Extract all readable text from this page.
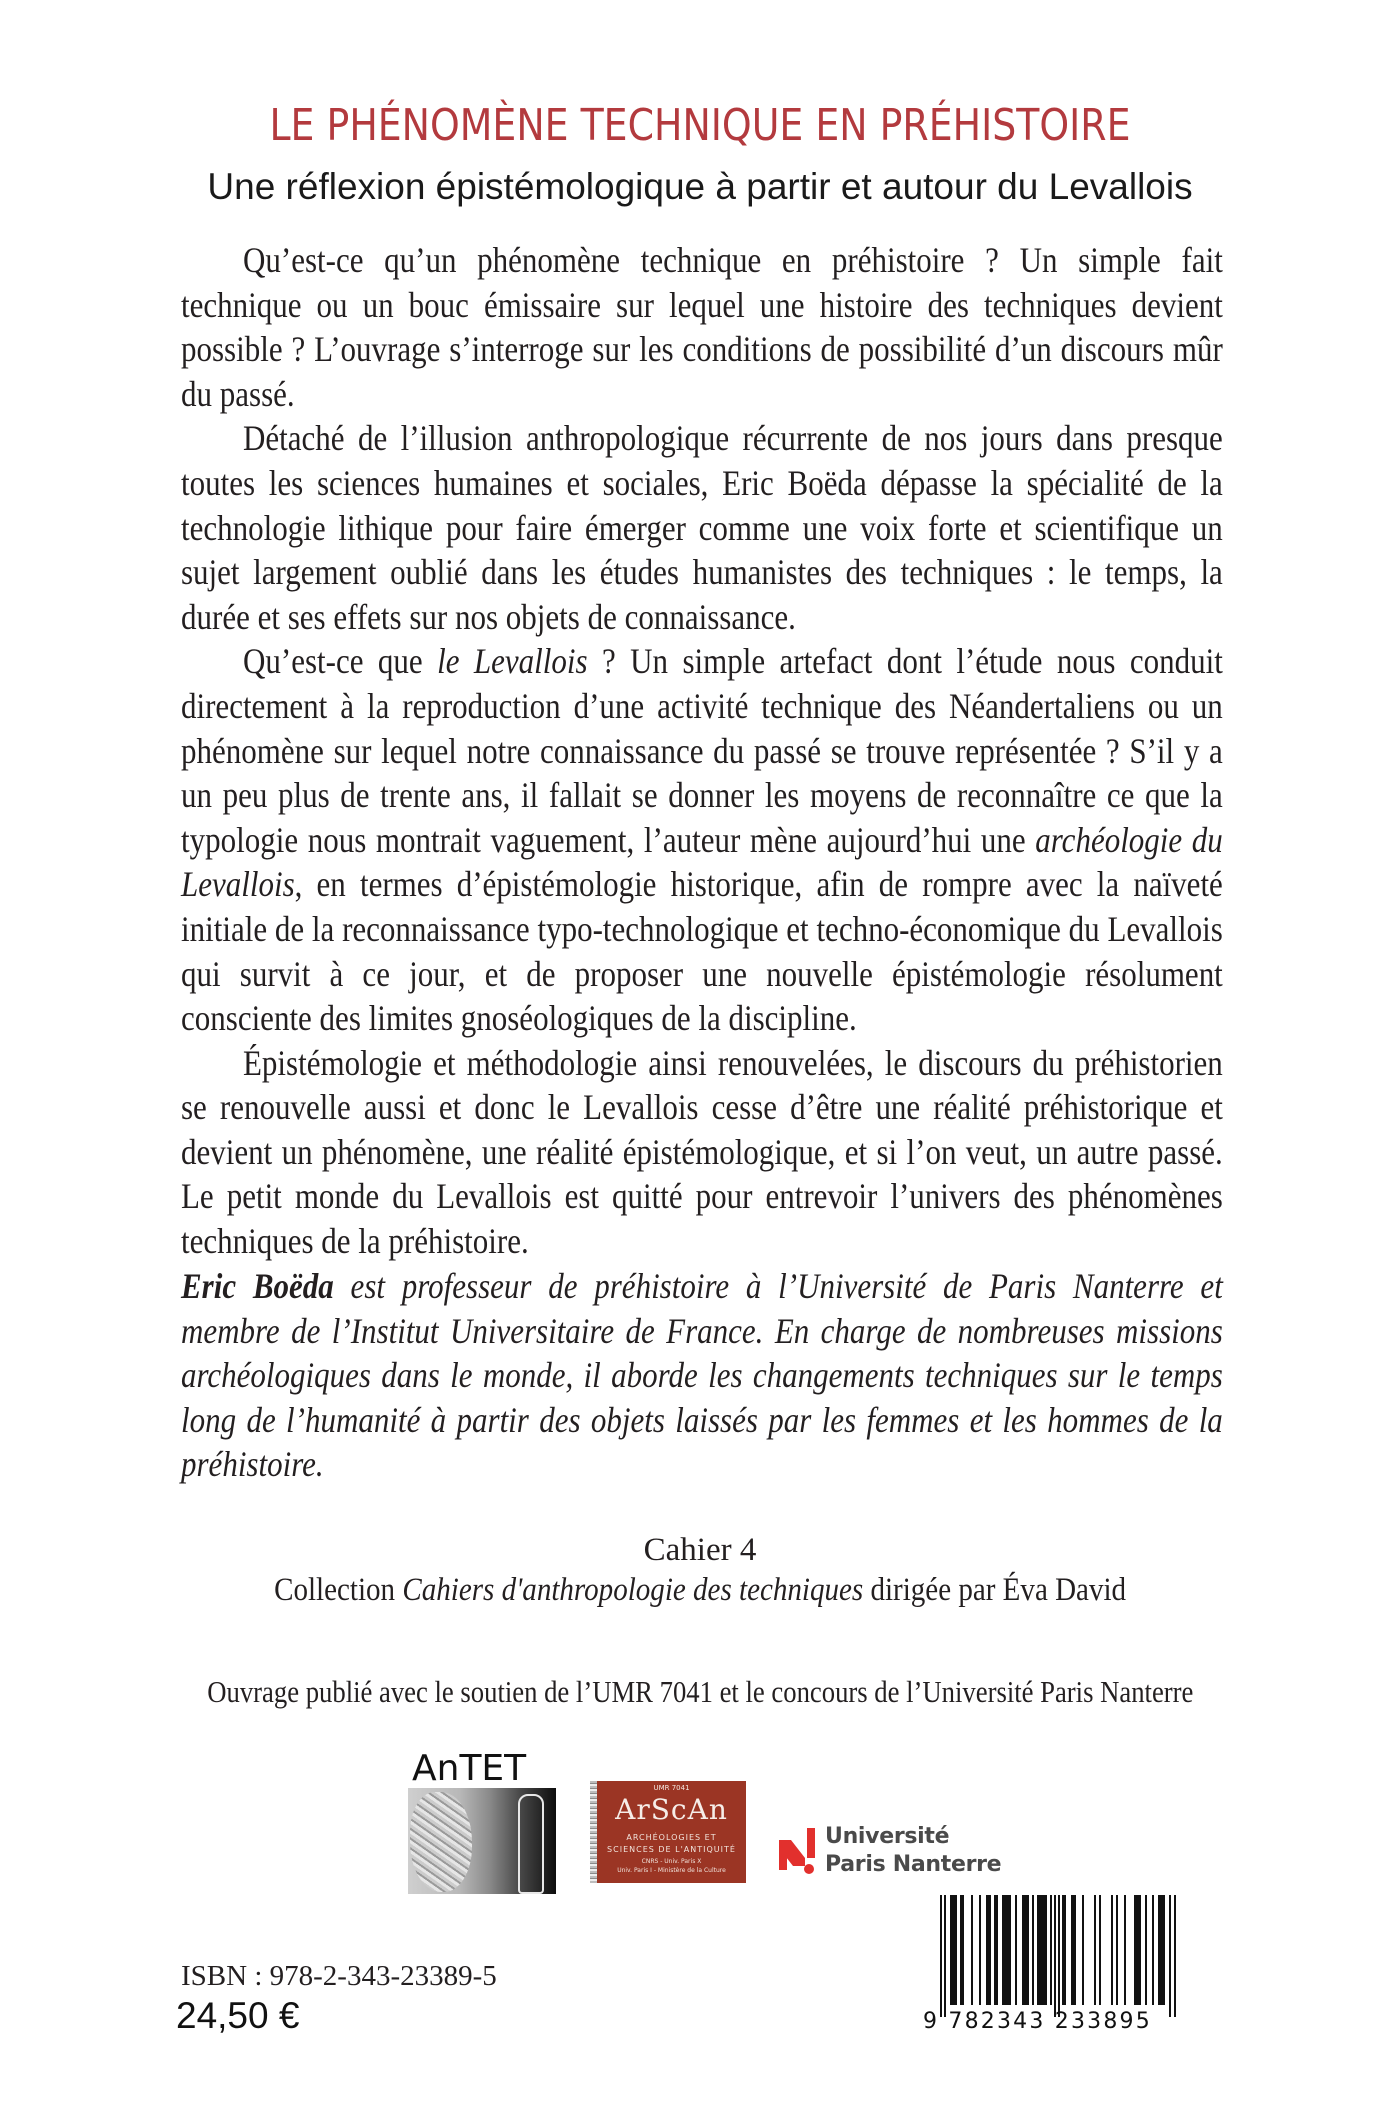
LE PHÉNOMÈNE TECHNIQUE EN PRÉHISTOIRE
Une réflexion épistémologique à partir et autour du Levallois

Qu’est-ce qu’un phénomène technique en préhistoire ? Un simple fait technique ou un bouc émissaire sur lequel une histoire des techniques devient possible ? L’ouvrage s’interroge sur les conditions de possibilité d’un discours mûr du passé.

Détaché de l’illusion anthropologique récurrente de nos jours dans presque toutes les sciences humaines et sociales, Eric Boëda dépasse la spécialité de la technologie lithique pour faire émerger comme une voix forte et scientifique un sujet largement oublié dans les études humanistes des techniques : le temps, la durée et ses effets sur nos objets de connaissance.

Qu’est-ce que le Levallois ? Un simple artefact dont l’étude nous conduit directement à la reproduction d’une activité technique des Néandertaliens ou un phénomène sur lequel notre connaissance du passé se trouve représentée ? S’il y a un peu plus de trente ans, il fallait se donner les moyens de reconnaître ce que la typologie nous montrait vaguement, l’auteur mène aujourd’hui une archéologie du Levallois, en termes d’épistémologie historique, afin de rompre avec la naïveté initiale de la reconnaissance typo-technologique et techno-économique du Levallois qui survit à ce jour, et de proposer une nouvelle épistémologie résolument consciente des limites gnoséologiques de la discipline.

Épistémologie et méthodologie ainsi renouvelées, le discours du préhistorien se renouvelle aussi et donc le Levallois cesse d’être une réalité préhistorique et devient un phénomène, une réalité épistémologique, et si l’on veut, un autre passé. Le petit monde du Levallois est quitté pour entrevoir l’univers des phénomènes techniques de la préhistoire.

Eric Boëda est professeur de préhistoire à l’Université de Paris Nanterre et membre de l’Institut Universitaire de France. En charge de nombreuses missions archéologiques dans le monde, il aborde les changements techniques sur le temps long de l’humanité à partir des objets laissés par les femmes et les hommes de la préhistoire.

Cahier 4
Collection Cahiers d'anthropologie des techniques dirigée par Éva David
Ouvrage publié avec le soutien de l’UMR 7041 et le concours de l’Université Paris Nanterre
AnTET	UMR 7041
ArScAn
ARCHÉOLOGIES ET
SCIENCES DE L'ANTIQUITÉ
CNRS - Univ. Paris X
Univ. Paris I - Ministère de la Culture
Université
Paris Nanterre
9 782343 233895
ISBN : 978-2-343-23389-5
24,50 €
